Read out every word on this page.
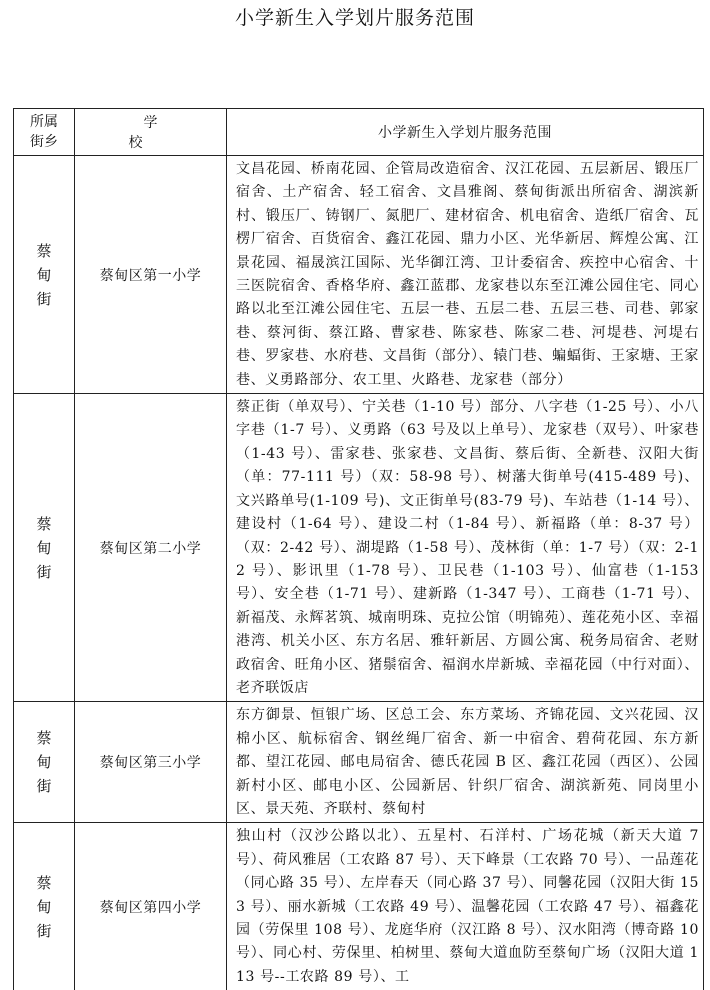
小学新生入学划片服务范围
所属街乡	学 校	小学新生入学划片服务范围
蔡甸街	蔡甸区第一小学	文昌花园、桥南花园、企管局改造宿舍、汉江花园、五层新居、锻压厂宿舍、土产宿舍、轻工宿舍、文昌雅阁、蔡甸街派出所宿舍、湖滨新村、锻压厂、铸钢厂、氮肥厂、建材宿舍、机电宿舍、造纸厂宿舍、瓦楞厂宿舍、百货宿舍、鑫江花园、鼎力小区、光华新居、辉煌公寓、江景花园、福晟滨江国际、光华御江湾、卫计委宿舍、疾控中心宿舍、十三医院宿舍、香格华府、鑫江蓝郡、龙家巷以东至江滩公园住宅、同心路以北至江滩公园住宅、五层一巷、五层二巷、五层三巷、司巷、郭家巷、蔡河街、蔡江路、曹家巷、陈家巷、陈家二巷、河堤巷、河堤右巷、罗家巷、水府巷、文昌街（部分）、辕门巷、蝙蝠街、王家塘、王家巷、义勇路部分、农工里、火路巷、龙家巷（部分）
蔡甸街	蔡甸区第二小学	蔡正街（单双号）、宁关巷（1-10 号）部分、八字巷（1-25 号）、小八字巷（1-7 号）、义勇路（63 号及以上单号）、龙家巷（双号）、叶家巷（1-43 号）、雷家巷、张家巷、文昌街、蔡后街、全新巷、汉阳大街（单：77-111 号）（双：58-98 号）、树藩大街单号(415-489 号)、文兴路单号(1-109 号)、文正街单号(83-79 号)、车站巷（1-14 号）、建设村（1-64 号）、建设二村（1-84 号）、新福路（单：8-37 号）（双：2-42 号）、湖堤路（1-58 号）、茂林街（单：1-7 号）（双：2-12 号）、影讯里（1-78 号）、卫民巷（1-103 号）、仙富巷（1-153 号）、安全巷（1-71 号）、建新路（1-347 号）、工商巷（1-71 号）、新福茂、永辉茗筑、城南明珠、克拉公馆（明锦苑）、莲花苑小区、幸福港湾、机关小区、东方名居、雅轩新居、方圆公寓、税务局宿舍、老财政宿舍、旺角小区、猪鬃宿舍、福润水岸新城、幸福花园（中行对面）、老齐联饭店
蔡甸街	蔡甸区第三小学	东方御景、恒银广场、区总工会、东方菜场、齐锦花园、文兴花园、汉棉小区、航标宿舍、钢丝绳厂宿舍、新一中宿舍、碧荷花园、东方新都、望江花园、邮电局宿舍、德氏花园 B 区、鑫江花园（西区）、公园新村小区、邮电小区、公园新居、针织厂宿舍、湖滨新苑、同岗里小区、景天苑、齐联村、蔡甸村
蔡甸街	蔡甸区第四小学	独山村（汉沙公路以北）、五星村、石洋村、广场花城（新天大道 7 号）、荷风雅居（工农路 87 号）、天下峰景（工农路 70 号）、一品莲花（同心路 35 号）、左岸春天（同心路 37 号）、同馨花园（汉阳大街 153 号）、丽水新城（工农路 49 号）、温馨花园（工农路 47 号）、福鑫花园（劳保里 108 号）、龙庭华府（汉江路 8 号）、汉水阳湾（博奇路 10 号）、同心村、劳保里、柏树里、蔡甸大道血防至蔡甸广场（汉阳大道 113 号--工农路 89 号）、工
